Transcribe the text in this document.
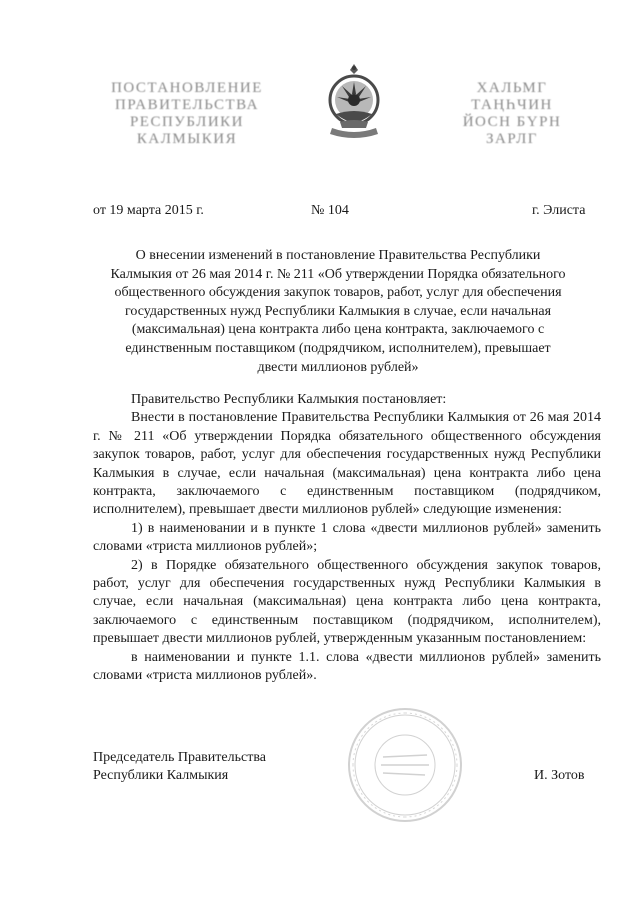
ПОСТАНОВЛЕНИЕ
ПРАВИТЕЛЬСТВА
РЕСПУБЛИКИ
КАЛМЫКИЯ
ХАЛЬМГ
ТАҢҺЧИН
ЙОСН БҮРН
ЗАРЛГ
от 19 марта 2015 г.	№ 104	г. Элиста
О внесении изменений в постановление Правительства Республики
Калмыкия от 26 мая 2014 г. № 211 «Об утверждении Порядка обязательного
общественного обсуждения закупок товаров, работ, услуг для обеспечения
государственных нужд Республики Калмыкия в случае, если начальная
(максимальная) цена контракта либо цена контракта, заключаемого с
единственным поставщиком (подрядчиком, исполнителем), превышает
двести миллионов рублей»

Правительство Республики Калмыкия постановляет:

Внести в постановление Правительства Республики Калмыкия от 26 мая 2014 г. № 211 «Об утверждении Порядка обязательного общественного обсуждения закупок товаров, работ, услуг для обеспечения государственных нужд Республики Калмыкия в случае, если начальная (максимальная) цена контракта либо цена контракта, заключаемого с единственным поставщиком (подрядчиком, исполнителем), превышает двести миллионов рублей» следующие изменения:

1) в наименовании и в пункте 1 слова «двести миллионов рублей» заменить словами «триста миллионов рублей»;

2) в Порядке обязательного общественного обсуждения закупок товаров, работ, услуг для обеспечения государственных нужд Республики Калмыкия в случае, если начальная (максимальная) цена контракта либо цена контракта, заключаемого с единственным поставщиком (подрядчиком, исполнителем), превышает двести миллионов рублей, утвержденным указанным постановлением:

в наименовании и пункте 1.1. слова «двести миллионов рублей» заменить словами «триста миллионов рублей».

Председатель Правительства
Республики Калмыкия	И. Зотов
